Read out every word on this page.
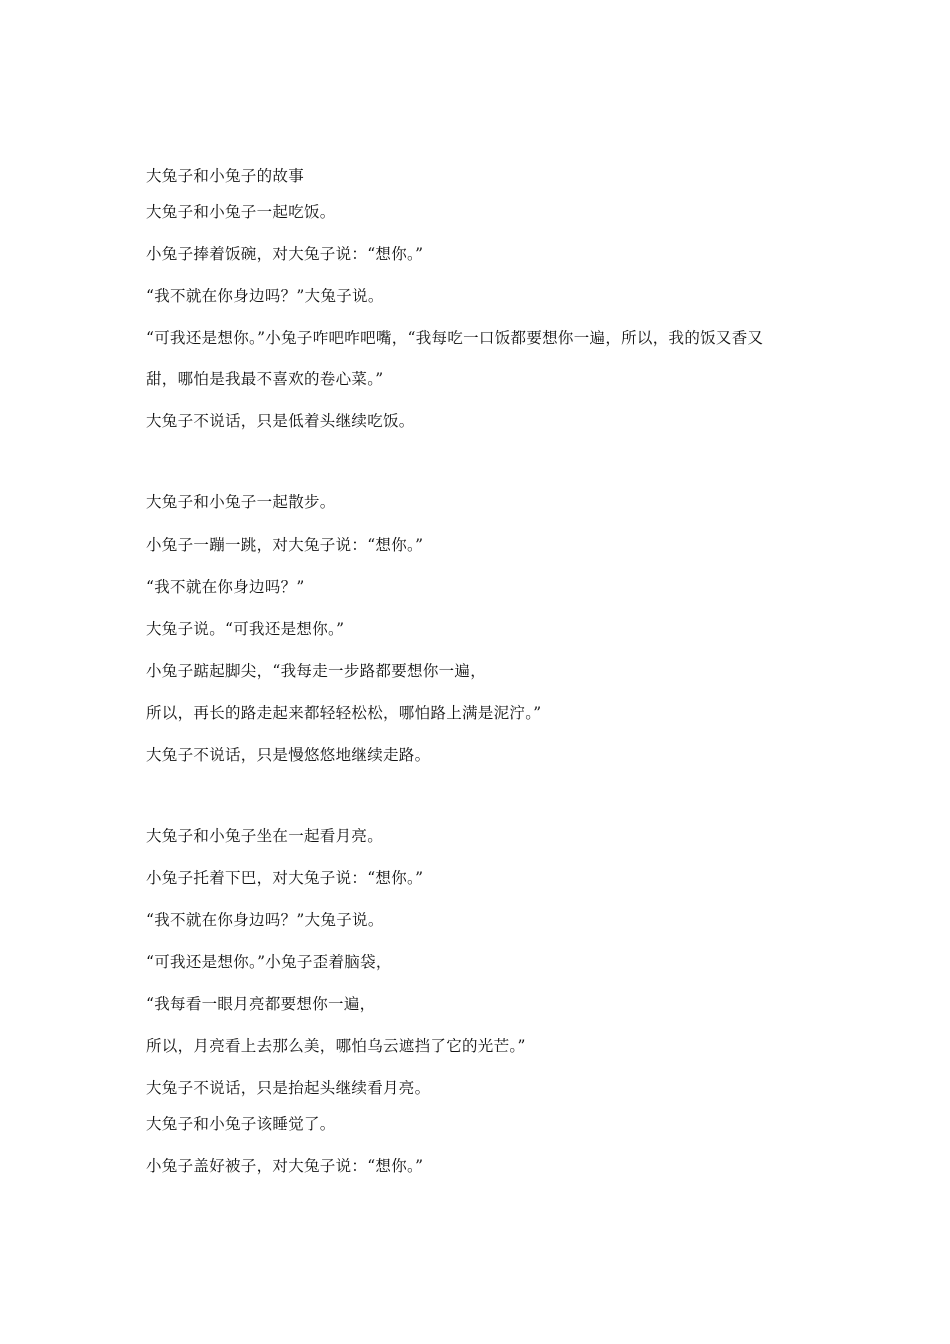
大兔子和小兔子的故事
大兔子和小兔子一起吃饭。
小兔子捧着饭碗，对大兔子说：“想你。”
“我不就在你身边吗？”大兔子说。
“可我还是想你。”小兔子咋吧咋吧嘴，“我每吃一口饭都要想你一遍，所以，我的饭又香又
甜，哪怕是我最不喜欢的卷心菜。”
大兔子不说话，只是低着头继续吃饭。
大兔子和小兔子一起散步。
小兔子一蹦一跳，对大兔子说：“想你。”
“我不就在你身边吗？”
大兔子说。“可我还是想你。”
小兔子踮起脚尖，“我每走一步路都要想你一遍，
所以，再长的路走起来都轻轻松松，哪怕路上满是泥泞。”
大兔子不说话，只是慢悠悠地继续走路。
大兔子和小兔子坐在一起看月亮。
小兔子托着下巴，对大兔子说：“想你。”
“我不就在你身边吗？”大兔子说。
“可我还是想你。”小兔子歪着脑袋，
“我每看一眼月亮都要想你一遍，
所以，月亮看上去那么美，哪怕乌云遮挡了它的光芒。”
大兔子不说话，只是抬起头继续看月亮。
大兔子和小兔子该睡觉了。
小兔子盖好被子，对大兔子说：“想你。”
